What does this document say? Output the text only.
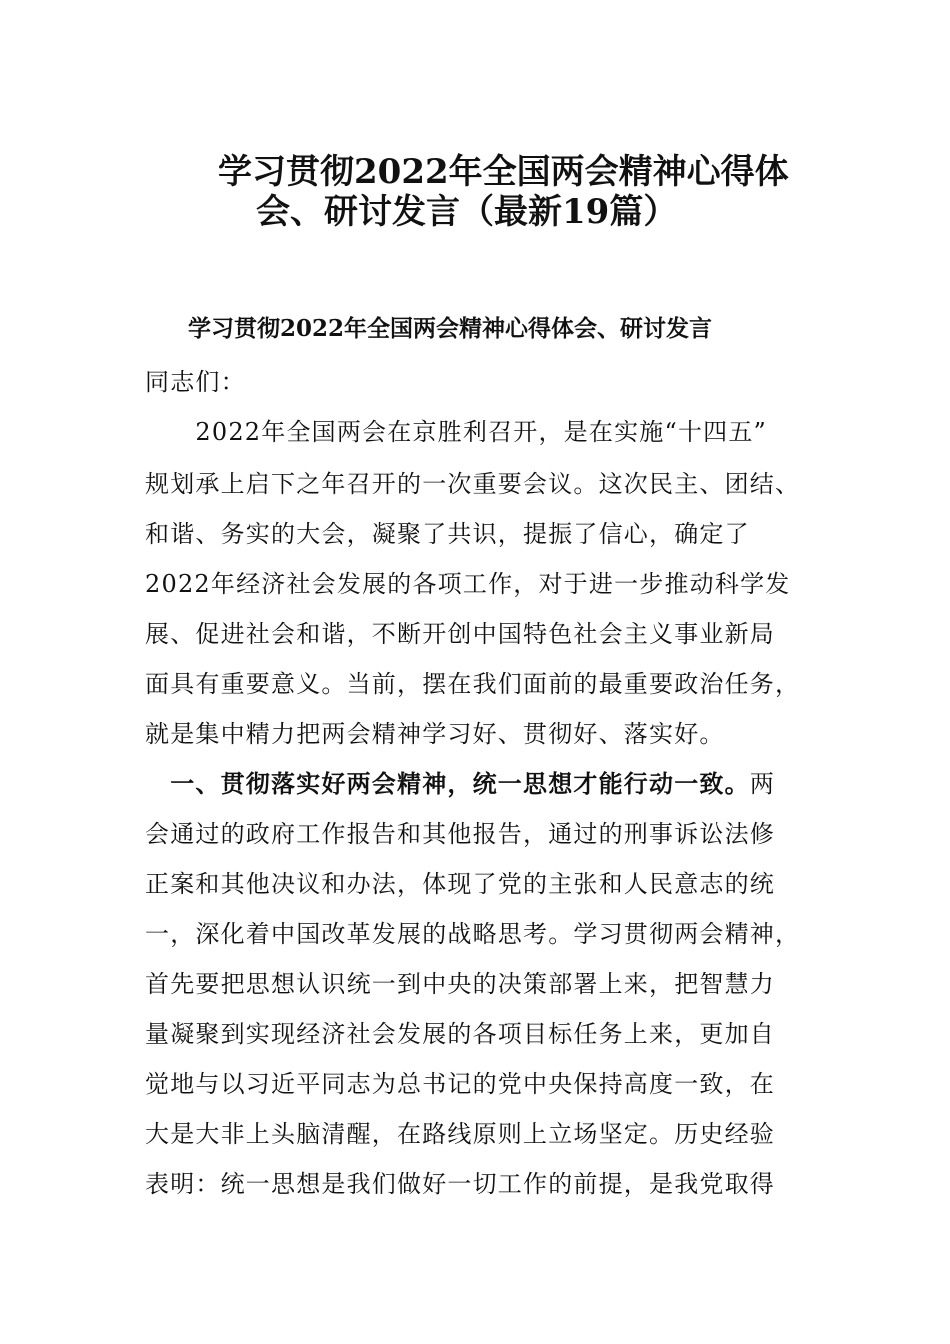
学习贯彻2022年全国两会精神心得体
会、研讨发言（最新19篇）
学习贯彻2022年全国两会精神心得体会、研讨发言
同志们：
　　2022年全国两会在京胜利召开，是在实施“十四五”
规划承上启下之年召开的一次重要会议。这次民主、团结、
和谐、务实的大会，凝聚了共识，提振了信心，确定了
2022年经济社会发展的各项工作，对于进一步推动科学发
展、促进社会和谐，不断开创中国特色社会主义事业新局
面具有重要意义。当前，摆在我们面前的最重要政治任务，
就是集中精力把两会精神学习好、贯彻好、落实好。
　一、贯彻落实好两会精神，统一思想才能行动一致。两
会通过的政府工作报告和其他报告，通过的刑事诉讼法修
正案和其他决议和办法，体现了党的主张和人民意志的统
一，深化着中国改革发展的战略思考。学习贯彻两会精神，
首先要把思想认识统一到中央的决策部署上来，把智慧力
量凝聚到实现经济社会发展的各项目标任务上来，更加自
觉地与以习近平同志为总书记的党中央保持高度一致，在
大是大非上头脑清醒，在路线原则上立场坚定。历史经验
表明：统一思想是我们做好一切工作的前提，是我党取得
